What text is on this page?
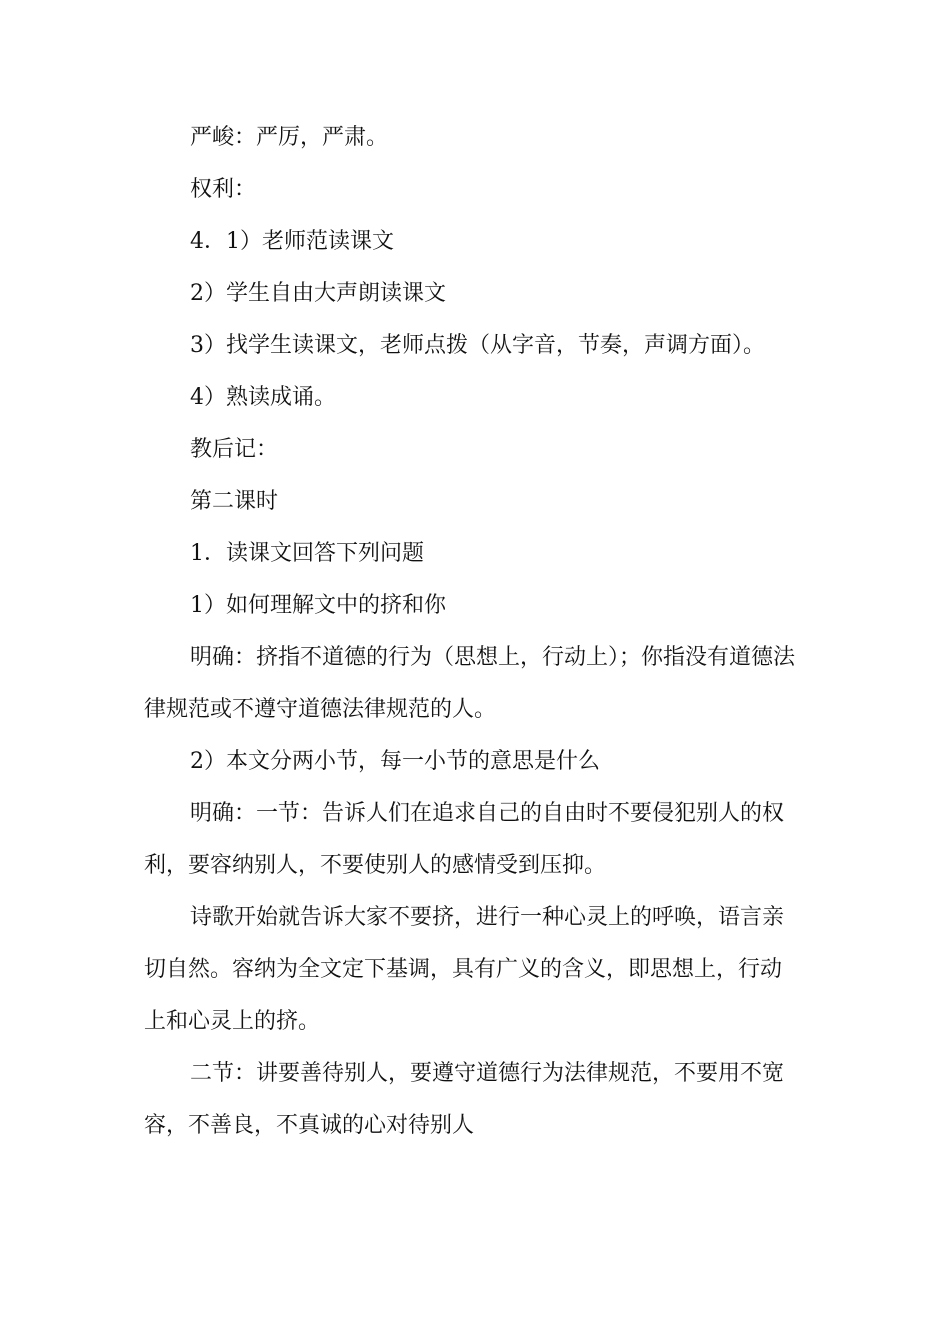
严峻：严厉，严肃。

权利：

4．1）老师范读课文

2）学生自由大声朗读课文

3）找学生读课文，老师点拨（从字音，节奏，声调方面）。

4）熟读成诵。

教后记：

第二课时

1．读课文回答下列问题

1）如何理解文中的挤和你

明确：挤指不道德的行为（思想上，行动上）；你指没有道德法律规范或不遵守道德法律规范的人。

2）本文分两小节，每一小节的意思是什么

明确：一节：告诉人们在追求自己的自由时不要侵犯别人的权利，要容纳别人，不要使别人的感情受到压抑。

诗歌开始就告诉大家不要挤，进行一种心灵上的呼唤，语言亲切自然。容纳为全文定下基调，具有广义的含义，即思想上，行动上和心灵上的挤。

二节：讲要善待别人，要遵守道德行为法律规范，不要用不宽容，不善良，不真诚的心对待别人
